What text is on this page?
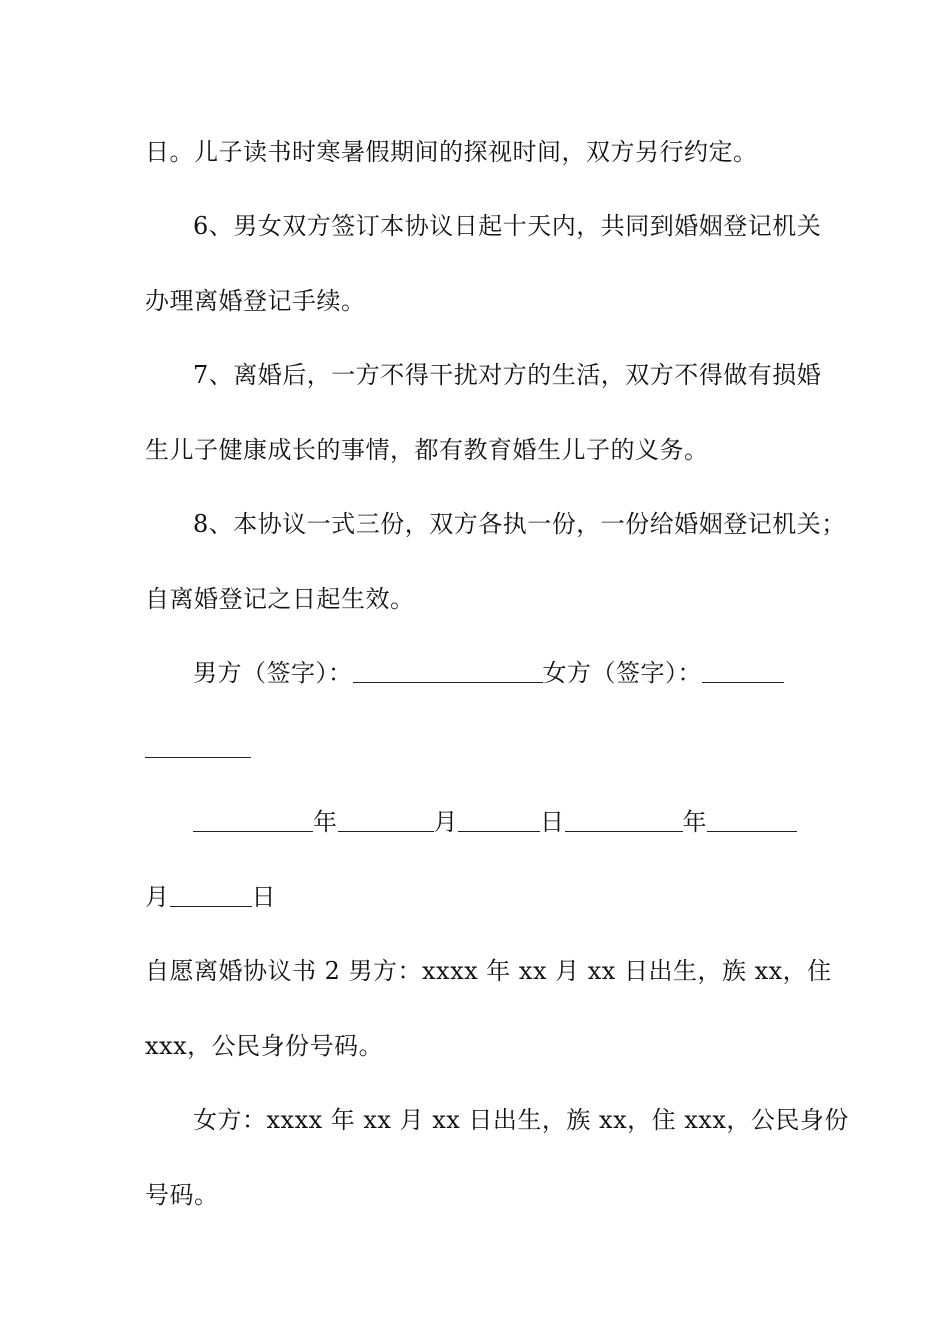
日。儿子读书时寒暑假期间的探视时间，双方另行约定。
6、男女双方签订本协议日起十天内，共同到婚姻登记机关
办理离婚登记手续。
7、离婚后，一方不得干扰对方的生活，双方不得做有损婚
生儿子健康成长的事情，都有教育婚生儿子的义务。
8、本协议一式三份，双方各执一份，一份给婚姻登记机关；
自离婚登记之日起生效。
男方（签字）：	女方（签字）：
年	月	日	年
月	日
自愿离婚协议书 2 男方：xxxx 年 xx 月 xx 日出生，族 xx，住
xxx，公民身份号码。
女方：xxxx 年 xx 月 xx 日出生，族 xx，住 xxx，公民身份
号码。
